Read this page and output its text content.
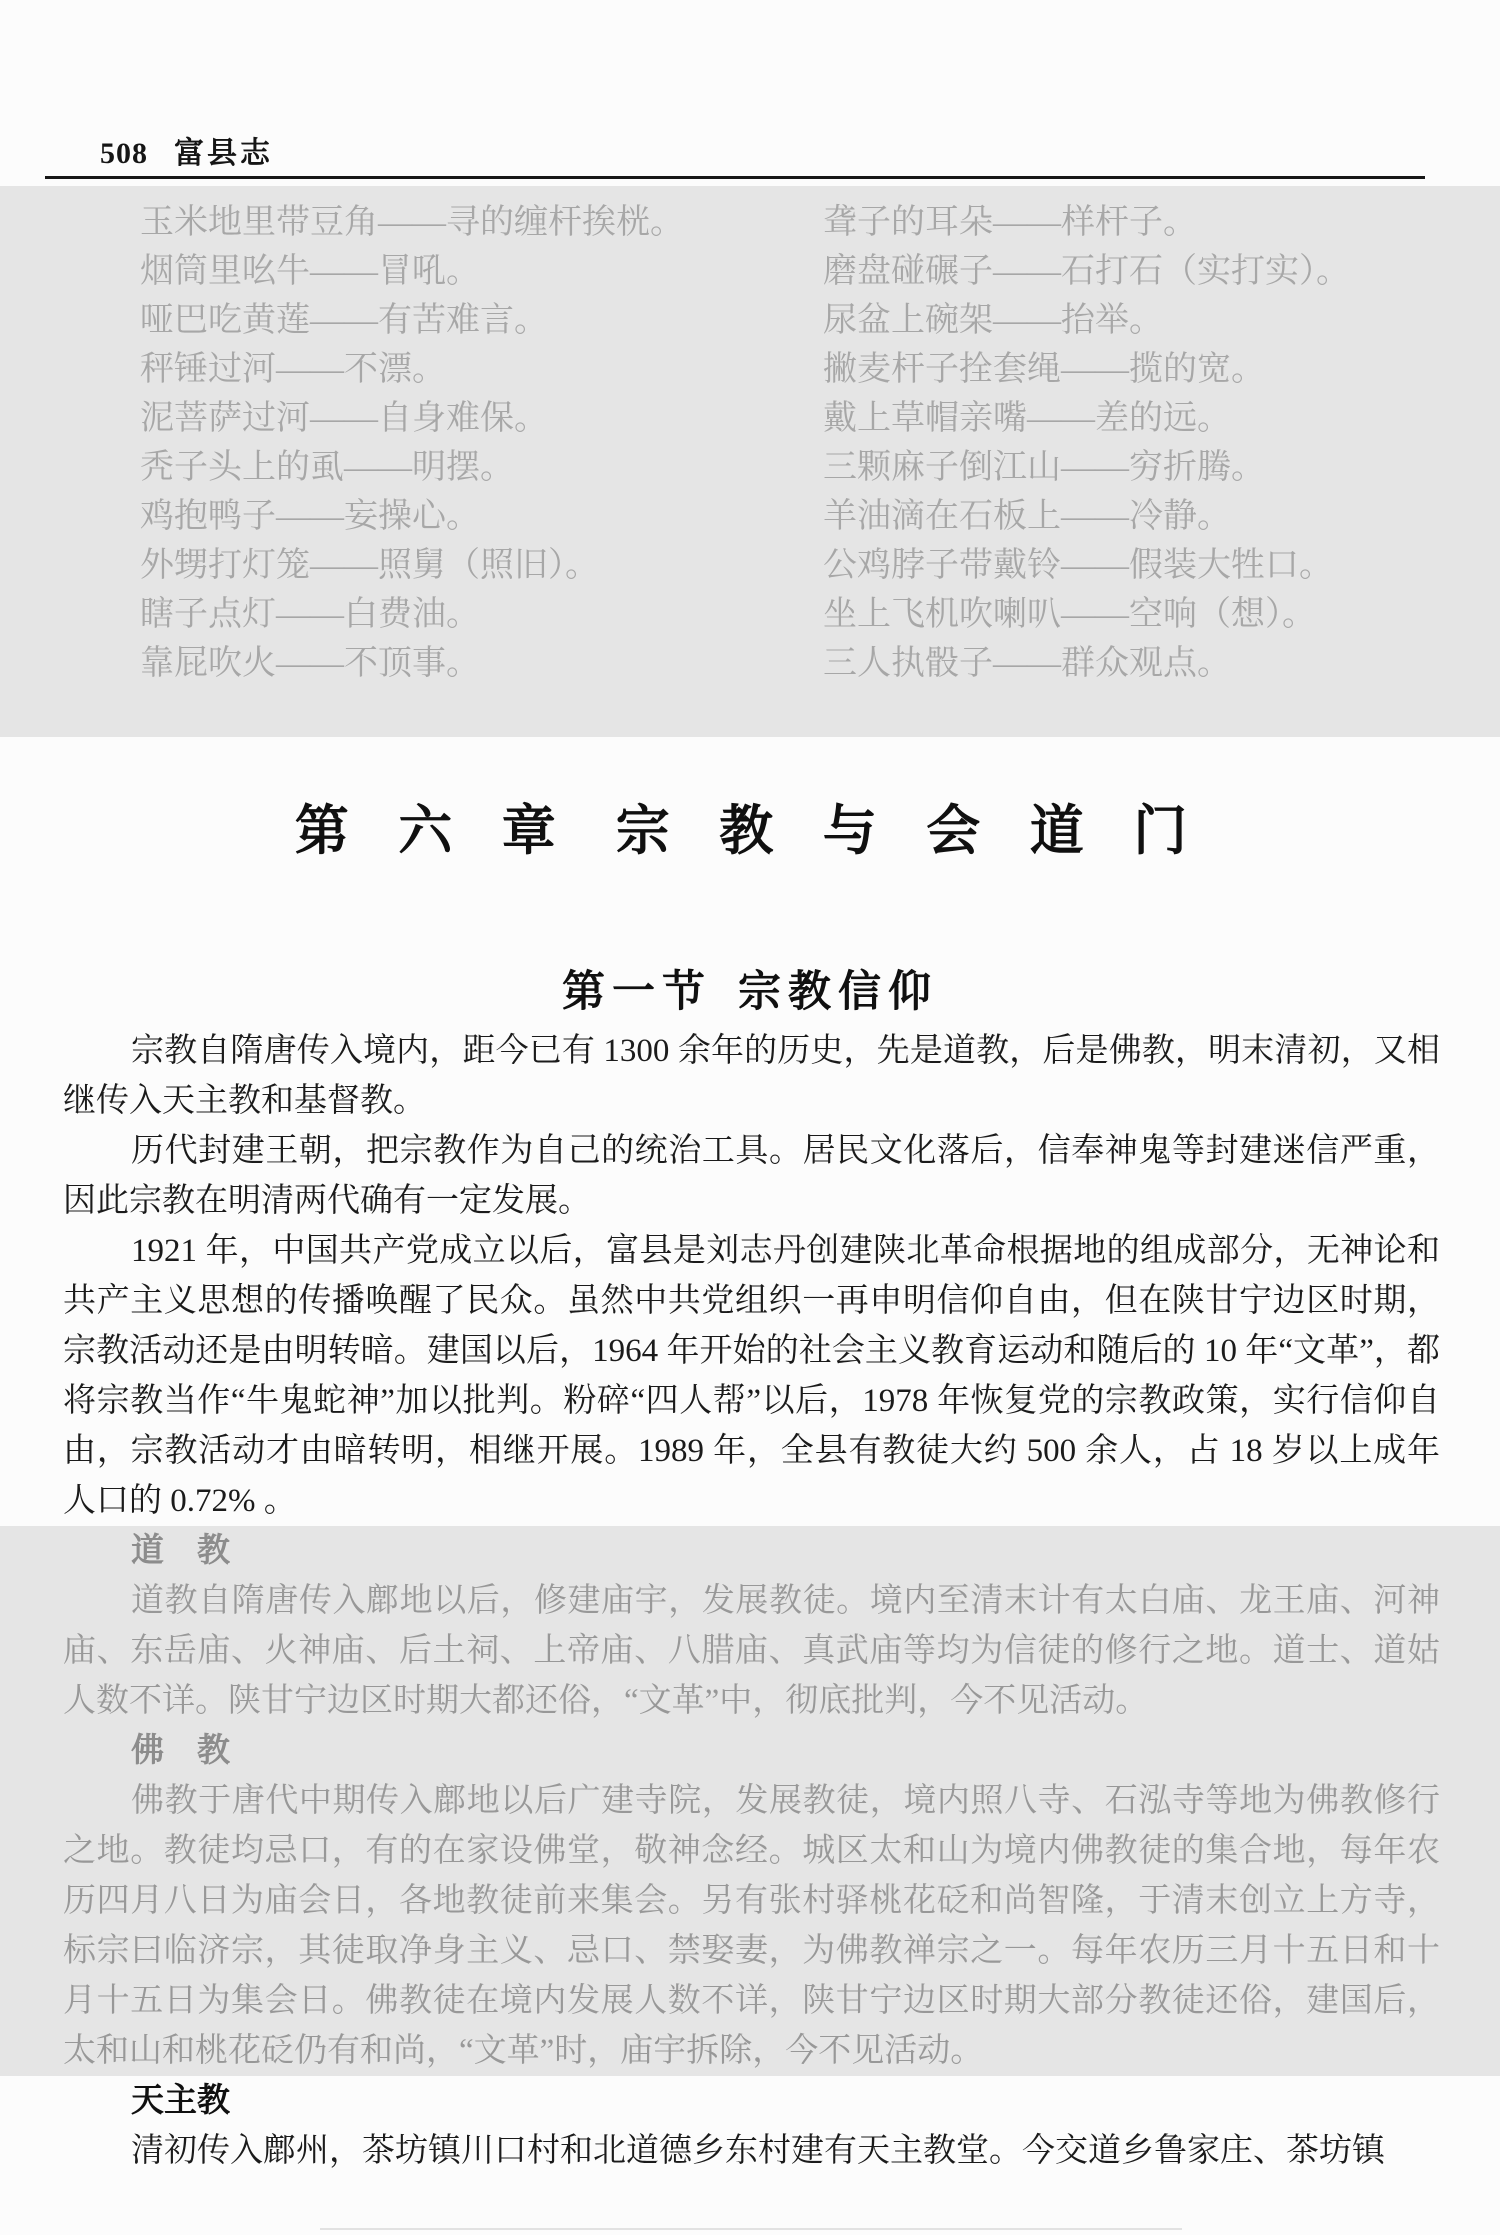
508 富县志
玉米地里带豆角——寻的缠杆挨桄。
烟筒里吆牛——冒吼。
哑巴吃黄莲——有苦难言。
秤锤过河——不漂。
泥菩萨过河——自身难保。
秃子头上的虱——明摆。
鸡抱鸭子——妄操心。
外甥打灯笼——照舅（照旧）。
瞎子点灯——白费油。
靠屁吹火——不顶事。
聋子的耳朵——样杆子。
磨盘碰碾子——石打石（实打实）。
尿盆上碗架——抬举。
撇麦杆子拴套绳——揽的宽。
戴上草帽亲嘴——差的远。
三颗麻子倒江山——穷折腾。
羊油滴在石板上——冷静。
公鸡脖子带戴铃——假装大牲口。
坐上飞机吹喇叭——空响（想）。
三人执骰子——群众观点。
第 六 章 宗 教 与 会 道 门
第一节 宗教信仰

宗教自隋唐传入境内，距今已有 1300 余年的历史，先是道教，后是佛教，明末清初，又相继传入天主教和基督教。

历代封建王朝，把宗教作为自己的统治工具。居民文化落后，信奉神鬼等封建迷信严重，因此宗教在明清两代确有一定发展。

1921 年，中国共产党成立以后，富县是刘志丹创建陕北革命根据地的组成部分，无神论和共产主义思想的传播唤醒了民众。虽然中共党组织一再申明信仰自由，但在陕甘宁边区时期，宗教活动还是由明转暗。建国以后，1964 年开始的社会主义教育运动和随后的 10 年“文革”，都将宗教当作“牛鬼蛇神”加以批判。粉碎“四人帮”以后，1978 年恢复党的宗教政策，实行信仰自由，宗教活动才由暗转明，相继开展。1989 年，全县有教徒大约 500 余人，占 18 岁以上成年人口的 0.72% 。

道　教

道教自隋唐传入鄜地以后，修建庙宇，发展教徒。境内至清末计有太白庙、龙王庙、河神庙、东岳庙、火神庙、后土祠、上帝庙、八腊庙、真武庙等均为信徒的修行之地。道士、道姑人数不详。陕甘宁边区时期大都还俗，“文革”中，彻底批判，今不见活动。

佛　教

佛教于唐代中期传入鄜地以后广建寺院，发展教徒，境内照八寺、石泓寺等地为佛教修行之地。教徒均忌口，有的在家设佛堂，敬神念经。城区太和山为境内佛教徒的集合地，每年农历四月八日为庙会日，各地教徒前来集会。另有张村驿桃花砭和尚智隆，于清末创立上方寺，标宗曰临济宗，其徒取净身主义、忌口、禁娶妻，为佛教禅宗之一。每年农历三月十五日和十月十五日为集会日。佛教徒在境内发展人数不详，陕甘宁边区时期大部分教徒还俗，建国后，太和山和桃花砭仍有和尚，“文革”时，庙宇拆除，今不见活动。

天主教

清初传入鄜州，茶坊镇川口村和北道德乡东村建有天主教堂。今交道乡鲁家庄、茶坊镇
